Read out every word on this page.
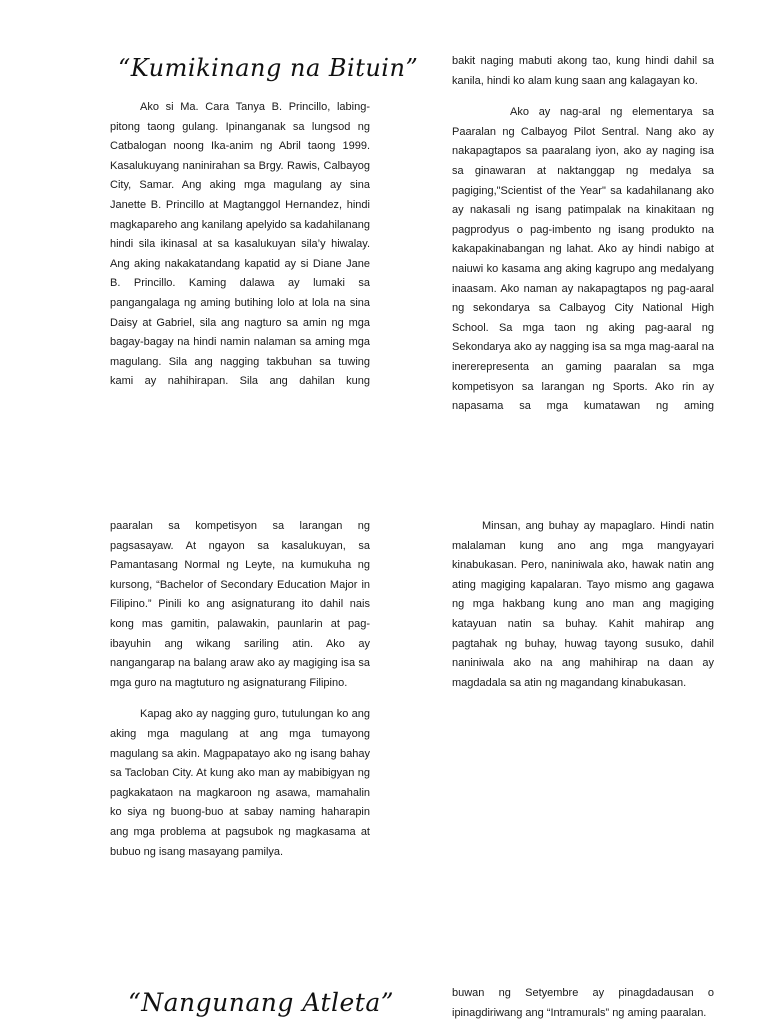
“Kumikinang na Bituin”

Ako si Ma. Cara Tanya B. Princillo, labing-pitong taong gulang. Ipinanganak sa lungsod ng Catbalogan noong Ika-anim ng Abril taong 1999. Kasalukuyang naninirahan sa Brgy. Rawis, Calbayog City, Samar. Ang aking mga magulang ay sina Janette B. Princillo at Magtanggol Hernandez, hindi magkapareho ang kanilang apelyido sa kadahilanang hindi sila ikinasal at sa kasalukuyan sila’y hiwalay. Ang aking nakakatandang kapatid ay si Diane Jane B. Princillo. Kaming dalawa ay lumaki sa pangangalaga ng aming butihing lolo at lola na sina Daisy at Gabriel, sila ang nagturo sa amin ng mga bagay-bagay na hindi namin nalaman sa aming mga magulang. Sila ang nagging takbuhan sa tuwing kami ay nahihirapan. Sila ang dahilan kung

bakit naging mabuti akong tao, kung hindi dahil sa kanila, hindi ko alam kung saan ang kalagayan ko.

Ako ay nag-aral ng elementarya sa Paaralan ng Calbayog Pilot Sentral. Nang ako ay nakapagtapos sa paaralang iyon, ako ay naging isa sa ginawaran at naktanggap ng medalya sa pagiging,"Scientist of the Year" sa kadahilanang ako ay nakasali ng isang patimpalak na kinakitaan ng pagprodyus o pag-imbento ng isang produkto na kakapakinabangan ng lahat. Ako ay hindi nabigo at naiuwi ko kasama ang aking kagrupo ang medalyang inaasam. Ako naman ay nakapagtapos ng pag-aaral ng sekondarya sa Calbayog City National High School. Sa mga taon ng aking pag-aaral ng Sekondarya ako ay nagging isa sa mga mag-aaral na inererepresenta an gaming paaralan sa mga kompetisyon sa larangan ng Sports. Ako rin ay napasama sa mga kumatawan ng aming

paaralan sa kompetisyon sa larangan ng pagsasayaw. At ngayon sa kasalukuyan, sa Pamantasang Normal ng Leyte, na kumukuha ng kursong, “Bachelor of Secondary Education Major in Filipino.” Pinili ko ang asignaturang ito dahil nais kong mas gamitin, palawakin, paunlarin at pag-ibayuhin ang wikang sariling atin. Ako ay nangangarap na balang araw ako ay magiging isa sa mga guro na magtuturo ng asignaturang Filipino.

Kapag ako ay nagging guro, tutulungan ko ang aking mga magulang at ang mga tumayong magulang sa akin. Magpapatayo ako ng isang bahay sa Tacloban City. At kung ako man ay mabibigyan ng pagkakataon na magkaroon ng asawa, mamahalin ko siya ng buong-buo at sabay naming haharapin ang mga problema at pagsubok ng magkasama at bubuo ng isang masayang pamilya.

Minsan, ang buhay ay mapaglaro. Hindi natin malalaman kung ano ang mga mangyayari kinabukasan. Pero, naniniwala ako, hawak natin ang ating magiging kapalaran. Tayo mismo ang gagawa ng mga hakbang kung ano man ang magiging katayuan natin sa buhay. Kahit mahirap ang pagtahak ng buhay, huwag tayong susuko, dahil naniniwala ako na ang mahihirap na daan ay magdadala sa atin ng magandang kinabukasan.

“Nangunang Atleta”	buwan ng Setyembre ay pinagdadausan o ipinagdiriwang ang “Intramurals” ng aming paaralan.
